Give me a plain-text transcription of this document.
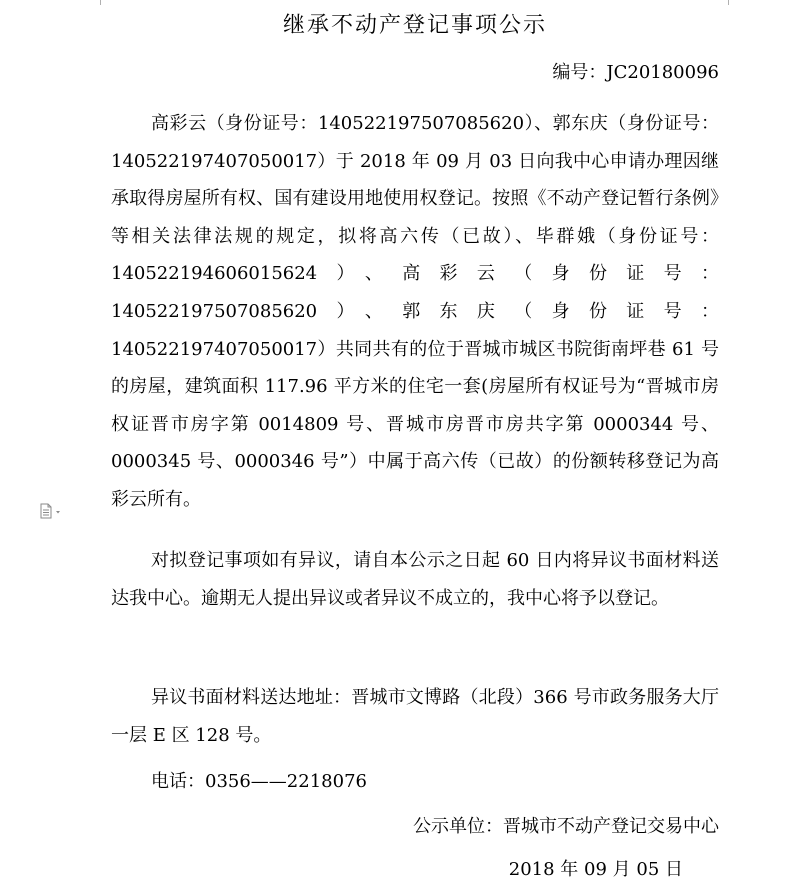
继承不动产登记事项公示
编号：JC20180096

高彩云（身份证号：140522197507085620）、郭东庆（身份证号：140522197407050017）于 2018 年 09 月 03 日向我中心申请办理因继承取得房屋所有权、国有建设用地使用权登记。按照《不动产登记暂行条例》等相关法律法规的规定，拟将高六传（已故）、毕群娥（身份证号：140522194606015624）、高彩云（身份证号：140522197507085620）、郭东庆（身份证号：140522197407050017）共同共有的位于晋城市城区书院街南坪巷 61 号的房屋，建筑面积 117.96 平方米的住宅一套(房屋所有权证号为“晋城市房权证晋市房字第 0014809 号、晋城市房晋市房共字第 0000344 号、0000345 号、0000346 号”）中属于高六传（已故）的份额转移登记为高彩云所有。

对拟登记事项如有异议，请自本公示之日起 60 日内将异议书面材料送达我中心。逾期无人提出异议或者异议不成立的，我中心将予以登记。

异议书面材料送达地址：晋城市文博路（北段）366 号市政务服务大厅一层 E 区 128 号。

电话：0356——2218076
公示单位：晋城市不动产登记交易中心
2018 年 09 月 05 日
